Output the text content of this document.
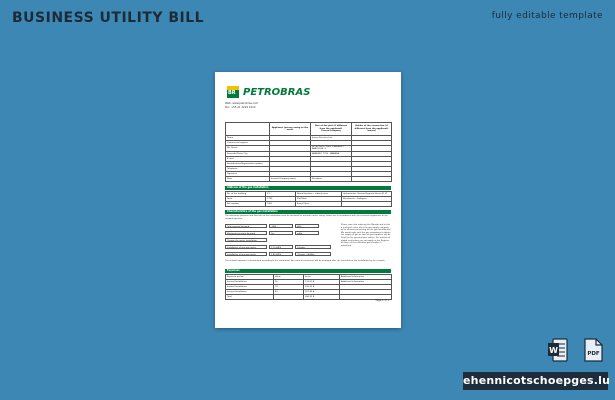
BUSINESS UTILITY BILL	fully editable template
BR PETROBRAS
Web: www.petrobras.com
Tel.: +55 21 3224 1510
	Applicant (person owing to the work)	Size of the plot (if different from the applicant) Person/Company	Holder of the connection (if different from the applicant) (owner)
Name		Ipsum Services Ltd.	
Commercial register			
No. Street		PETROLEOS, Zone 3 BARBERO, BARCELON, 3	
Postcode/Town, City		BARBERO 7790 - PANAMA	
E-mail			
Identification/Registration number			
Telephone			
Signature			
Date	Invoice/Company owner	Petrobras	
Address of the gas installation
No. of the building	21	Name/Location - urbanly area	Galvanlenko, Gruena Regenio Street 47 ST
Town	7799	Plot/Plate	Merchantio - Zadagnor
Ref number	7901	Entry/Other	
Characteristics of the gas installation
The maximum pressure and flow rate of the installation must be declared for accurate meter sizing. Values are in accordance with the technical regulations of the network operator.
Total nominal demand	-kWh	kWh
Maximum pressure demand	Yes	mBar
Change the meter installation
Installation of new gas meter	1.10 kW/h	Cylinder
Installation of new gas meter	1.80 kW/h	Cylinder - 460Bar
Please note that ordering this Mandat and in this a technical event after the gas supply company to be allowed connecting for the gas installations. We would reply with the gas companies to obtain the supply of gas as soon as gas suppliers will be listed on the gas purchase advice. For reasons of global restrictions you can apply to the Register of fitters of the individual gas installer is submitted.
The network operator is determined according to the installation. An external connection will be arranged after the execution of the installation by the network.
Expenses
Payment period	Value	Items	Additional information
Invoice/Installation	55	112.03 B	Additional information
Invoice/Installation	79	155.55 B	
Invoice/Installation	81	167.49 B	
Total		366.35 B	
Page 1 of 1
W	PDF
ehennicotschoepges.lu
